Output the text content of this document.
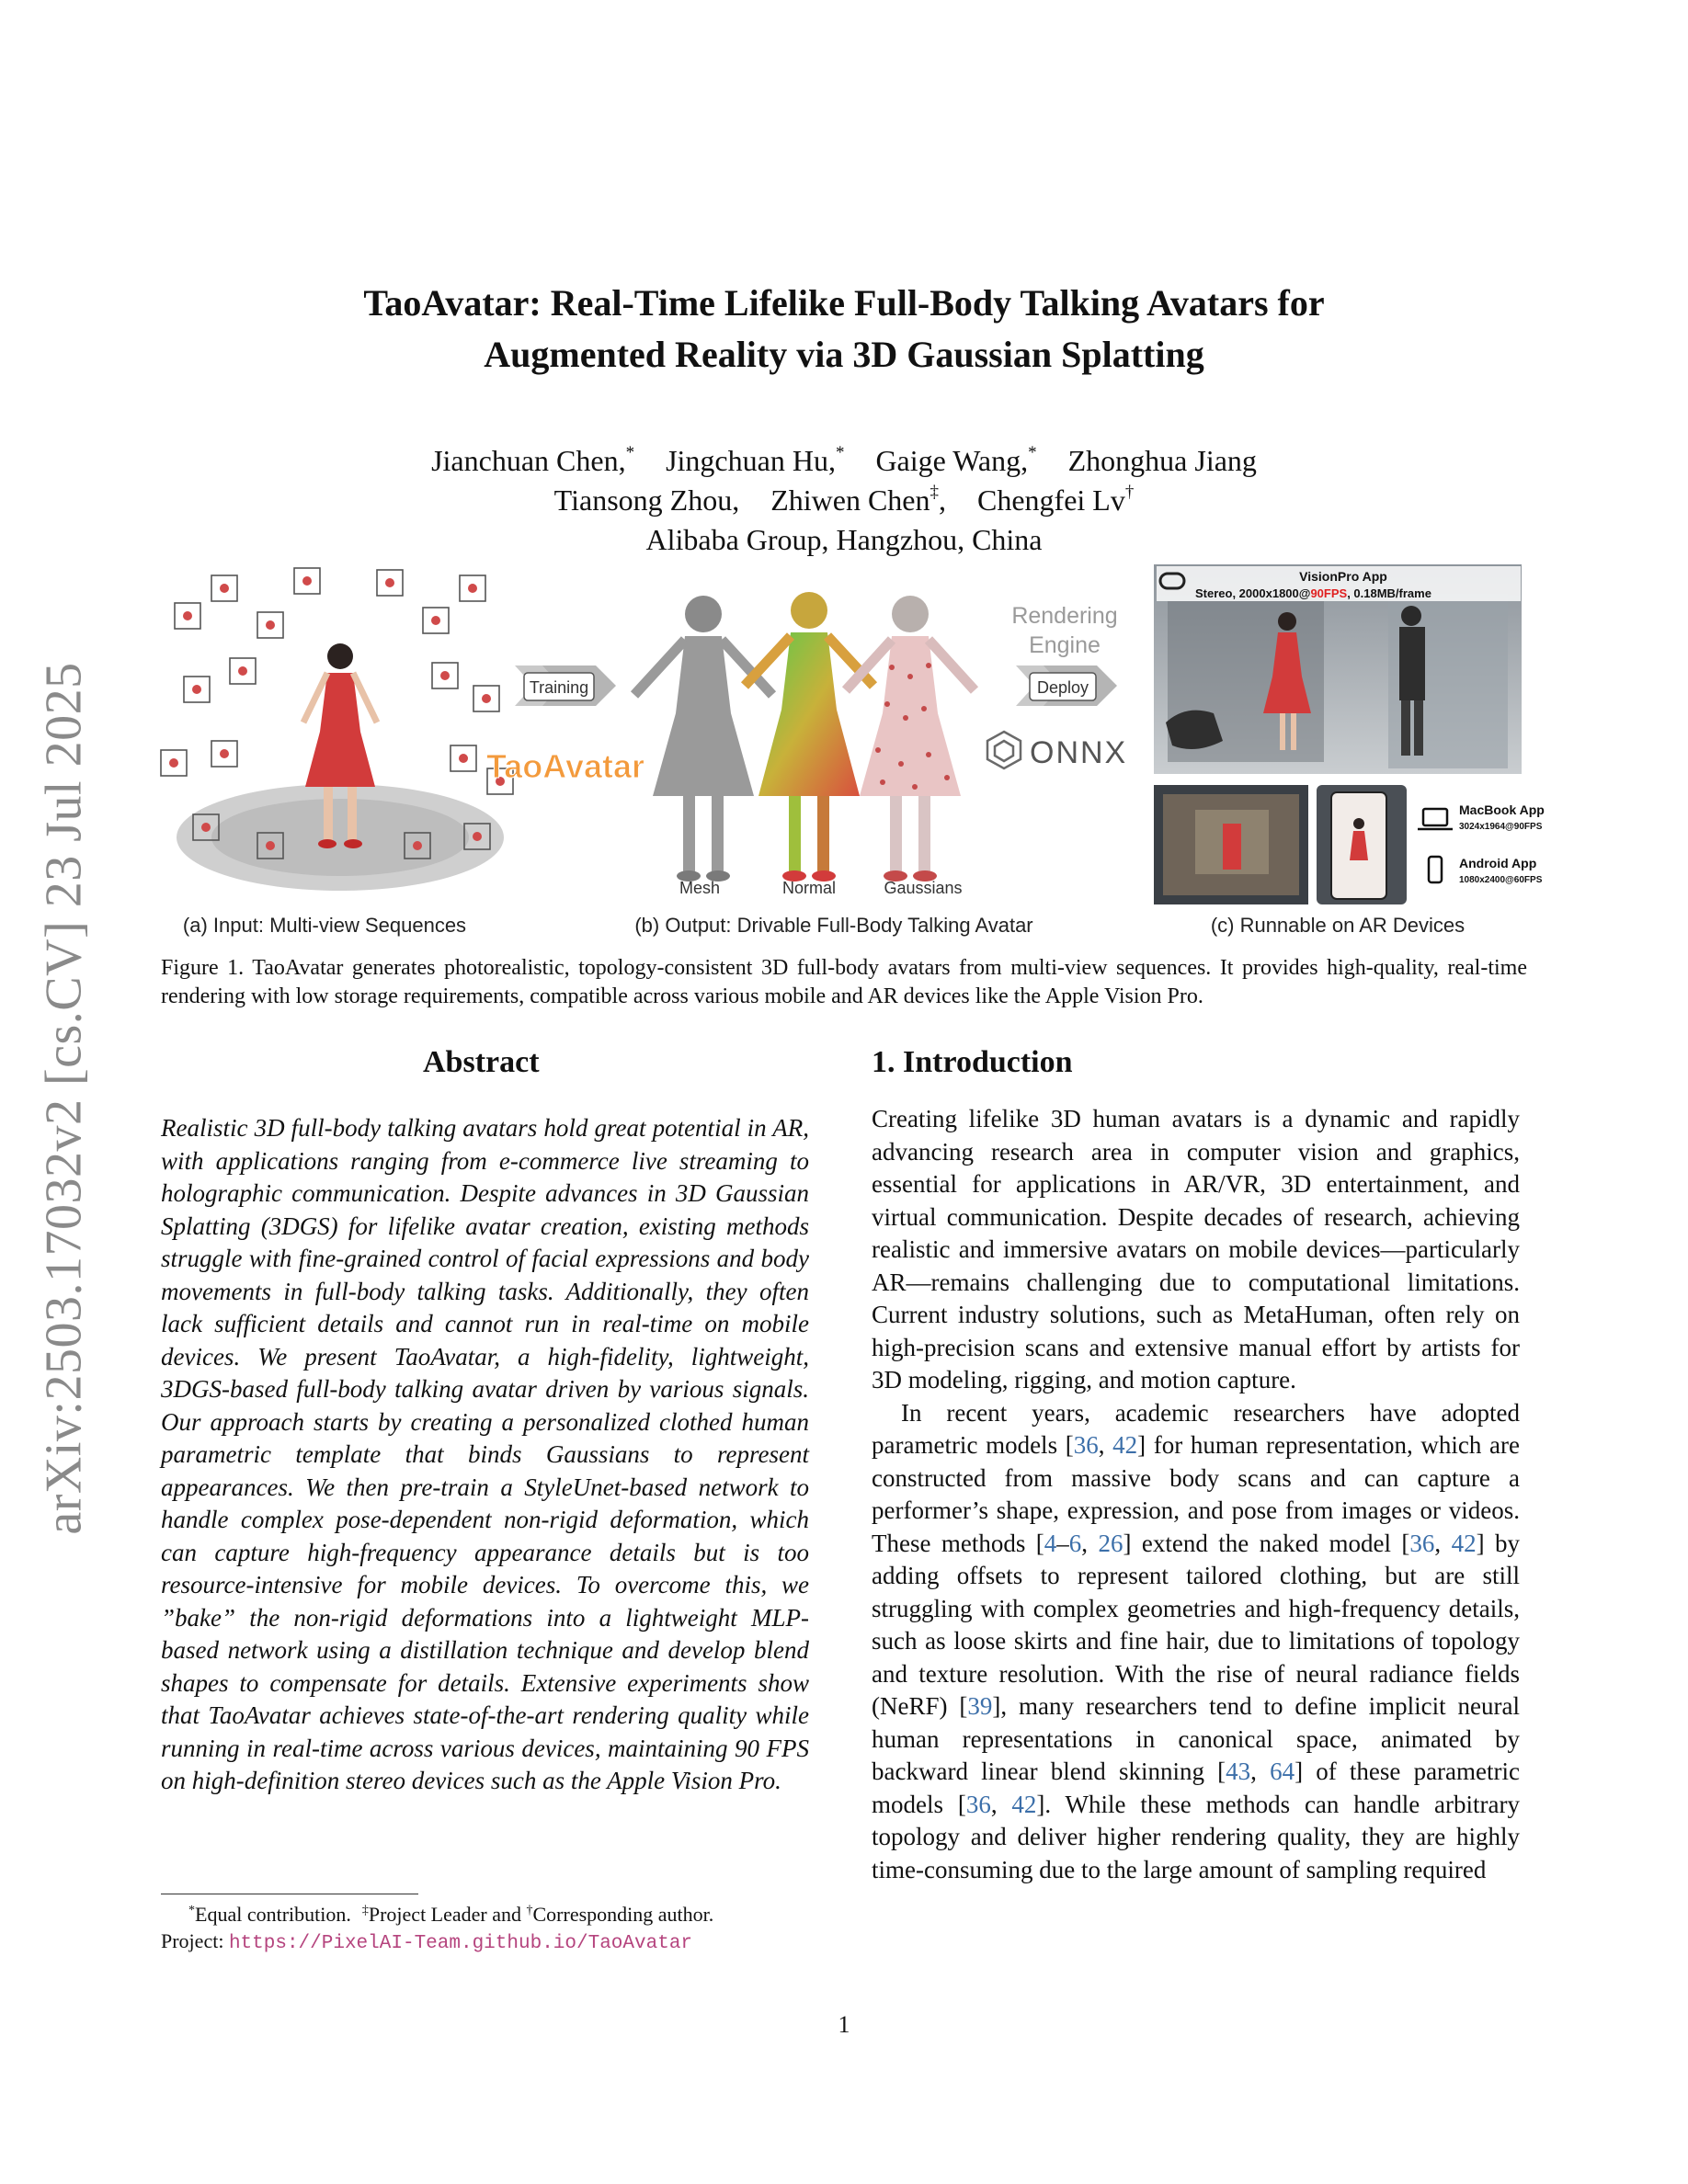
arXiv:2503.17032v2 [cs.CV] 23 Jul 2025
TaoAvatar: Real-Time Lifelike Full-Body Talking Avatars for
Augmented Reality via 3D Gaussian Splatting
Jianchuan Chen,* Jingchuan Hu,* Gaige Wang,* Zhonghua Jiang
Tiansong Zhou, Zhiwen Chen‡, Chengfei Lv†
Alibaba Group, Hangzhou, China
Training
TaoAvatar
Mesh	Normal	Gaussians
Rendering
Engine
Deploy
ONNX
VisionPro App
Stereo, 2000x1800@90FPS, 0.18MB/frame
MacBook App
3024x1964@90FPS
Android App
1080x2400@60FPS
(a) Input: Multi-view Sequences	(b) Output: Drivable Full-Body Talking Avatar	(c) Runnable on AR Devices
Figure 1. TaoAvatar generates photorealistic, topology-consistent 3D full-body avatars from multi-view sequences. It provides high-quality, real-time rendering with low storage requirements, compatible across various mobile and AR devices like the Apple Vision Pro.
Abstract

Realistic 3D full-body talking avatars hold great potential in AR, with applications ranging from e-commerce live streaming to holographic communication. Despite advances in 3D Gaussian Splatting (3DGS) for lifelike avatar creation, existing methods struggle with fine-grained control of facial expressions and body movements in full-body talking tasks. Additionally, they often lack sufficient details and cannot run in real-time on mobile devices. We present TaoAvatar, a high-fidelity, lightweight, 3DGS-based full-body talking avatar driven by various signals. Our approach starts by creating a personalized clothed human parametric template that binds Gaussians to represent appearances. We then pre-train a StyleUnet-based network to handle complex pose-dependent non-rigid deformation, which can capture high-frequency appearance details but is too resource-intensive for mobile devices. To overcome this, we ”bake” the non-rigid deformations into a lightweight MLP-based network using a distillation technique and develop blend shapes to compensate for details. Extensive experiments show that TaoAvatar achieves state-of-the-art rendering quality while running in real-time across various devices, maintaining 90 FPS on high-definition stereo devices such as the Apple Vision Pro.

*Equal contribution. ‡Project Leader and †Corresponding author.
Project: https://PixelAI-Team.github.io/TaoAvatar
1. Introduction

Creating lifelike 3D human avatars is a dynamic and rapidly advancing research area in computer vision and graphics, essential for applications in AR/VR, 3D entertainment, and virtual communication. Despite decades of research, achieving realistic and immersive avatars on mobile devices—particularly AR—remains challenging due to computational limitations. Current industry solutions, such as MetaHuman, often rely on high-precision scans and extensive manual effort by artists for 3D modeling, rigging, and motion capture.

In recent years, academic researchers have adopted parametric models [36, 42] for human representation, which are constructed from massive body scans and can capture a performer’s shape, expression, and pose from images or videos. These methods [4–6, 26] extend the naked model [36, 42] by adding offsets to represent tailored clothing, but are still struggling with complex geometries and high-frequency details, such as loose skirts and fine hair, due to limitations of topology and texture resolution. With the rise of neural radiance fields (NeRF) [39], many researchers tend to define implicit neural human representations in canonical space, animated by backward linear blend skinning [43, 64] of these parametric models [36, 42]. While these methods can handle arbitrary topology and deliver higher rendering quality, they are highly time-consuming due to the large amount of sampling required

1
